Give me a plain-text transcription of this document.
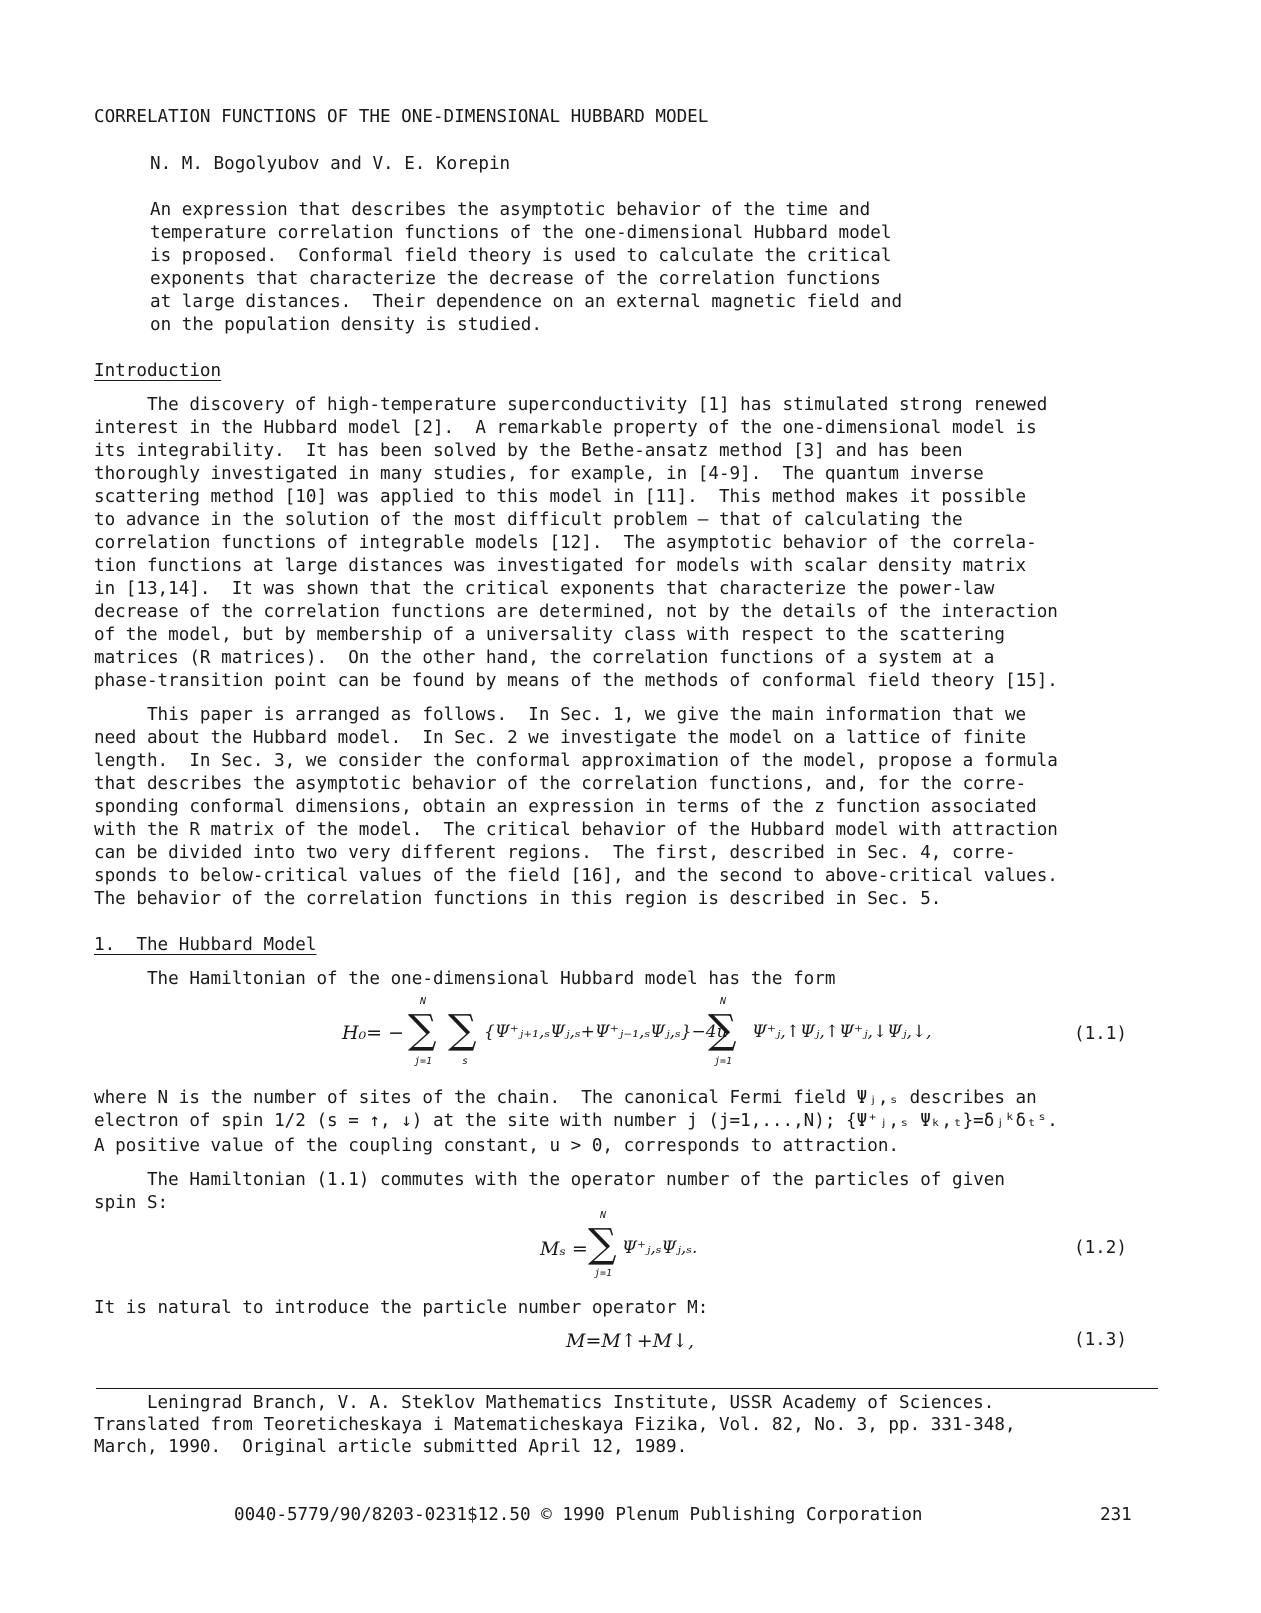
CORRELATION FUNCTIONS OF THE ONE-DIMENSIONAL HUBBARD MODEL
N. M. Bogolyubov and V. E. Korepin
An expression that describes the asymptotic behavior of the time and
temperature correlation functions of the one-dimensional Hubbard model
is proposed.  Conformal field theory is used to calculate the critical
exponents that characterize the decrease of the correlation functions
at large distances.  Their dependence on an external magnetic field and
on the population density is studied.
Introduction
The discovery of high-temperature superconductivity [1] has stimulated strong renewed
interest in the Hubbard model [2].  A remarkable property of the one-dimensional model is
its integrability.  It has been solved by the Bethe-ansatz method [3] and has been
thoroughly investigated in many studies, for example, in [4-9].  The quantum inverse
scattering method [10] was applied to this model in [11].  This method makes it possible
to advance in the solution of the most difficult problem — that of calculating the
correlation functions of integrable models [12].  The asymptotic behavior of the correla-
tion functions at large distances was investigated for models with scalar density matrix
in [13,14].  It was shown that the critical exponents that characterize the power-law
decrease of the correlation functions are determined, not by the details of the interaction
of the model, but by membership of a universality class with respect to the scattering
matrices (R matrices).  On the other hand, the correlation functions of a system at a
phase-transition point can be found by means of the methods of conformal field theory [15].
This paper is arranged as follows.  In Sec. 1, we give the main information that we
need about the Hubbard model.  In Sec. 2 we investigate the model on a lattice of finite
length.  In Sec. 3, we consider the conformal approximation of the model, propose a formula
that describes the asymptotic behavior of the correlation functions, and, for the corre-
sponding conformal dimensions, obtain an expression in terms of the z function associated
with the R matrix of the model.  The critical behavior of the Hubbard model with attraction
can be divided into two very different regions.  The first, described in Sec. 4, corre-
sponds to below-critical values of the field [16], and the second to above-critical values.
The behavior of the correlation functions in this region is described in Sec. 5.
1.  The Hubbard Model
The Hamiltonian of the one-dimensional Hubbard model has the form
H₀= −
N
∑
j=1
∑
s
{Ψ⁺ⱼ₊₁,ₛΨⱼ,ₛ+Ψ⁺ⱼ₋₁,ₛΨⱼ,ₛ}−4u
N
∑
j=1
Ψ⁺ⱼ,↑Ψⱼ,↑Ψ⁺ⱼ,↓Ψⱼ,↓,	(1.1)
where N is the number of sites of the chain.  The canonical Fermi field Ψⱼ,ₛ describes an
electron of spin 1/2 (s = ↑, ↓) at the site with number j (j=1,...,N); {Ψ⁺ⱼ,ₛ Ψₖ,ₜ}=δⱼᵏδₜˢ.
A positive value of the coupling constant, u > 0, corresponds to attraction.
The Hamiltonian (1.1) commutes with the operator number of the particles of given
spin S:
Mₛ =
N
∑
j=1
Ψ⁺ⱼ,ₛΨⱼ,ₛ.	(1.2)
It is natural to introduce the particle number operator M:
M=M↑+M↓,	(1.3)
Leningrad Branch, V. A. Steklov Mathematics Institute, USSR Academy of Sciences.
Translated from Teoreticheskaya i Matematicheskaya Fizika, Vol. 82, No. 3, pp. 331-348,
March, 1990.  Original article submitted April 12, 1989.
0040-5779/90/8203-0231$12.50 © 1990 Plenum Publishing Corporation	231
